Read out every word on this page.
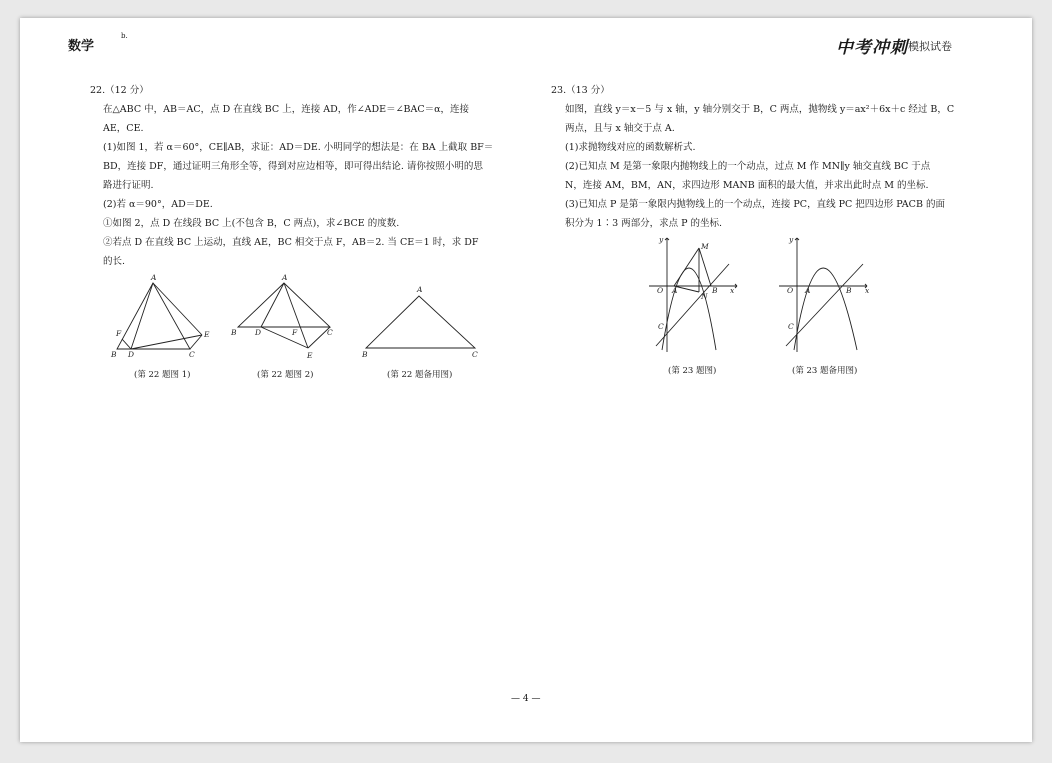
数学
b.
中考冲刺 模拟试卷
22.（12 分）
在△ABC 中，AB＝AC，点 D 在直线 BC 上，连接 AD，作∠ADE＝∠BAC＝α，连接
AE，CE.
(1)如图 1，若 α＝60°，CE∥AB，求证：AD＝DE. 小明同学的想法是：在 BA 上截取 BF＝
BD，连接 DF，通过证明三角形全等，得到对应边相等，即可得出结论. 请你按照小明的思
路进行证明.
(2)若 α＝90°，AD＝DE.
①如图 2，点 D 在线段 BC 上(不包含 B，C 两点)，求∠BCE 的度数.
②若点 D 在直线 BC 上运动，直线 AE，BC 相交于点 F，AB＝2. 当 CE＝1 时，求 DF
的长.
A
F	E
B D	C
A
B D	F	C
E
A
B	C
(第 22 题图 1)	(第 22 题图 2)	(第 22 题备用图)
23.（13 分）
如图，直线 y＝x－5 与 x 轴，y 轴分别交于 B，C 两点，抛物线 y＝ax²＋6x＋c 经过 B，C
两点，且与 x 轴交于点 A.
(1)求抛物线对应的函数解析式.
(2)已知点 M 是第一象限内抛物线上的一个动点，过点 M 作 MN∥y 轴交直线 BC 于点
N，连接 AM，BM，AN，求四边形 MANB 面积的最大值，并求出此时点 M 的坐标.
(3)已知点 P 是第一象限内抛物线上的一个动点，连接 PC，直线 PC 把四边形 PACB 的面
积分为 1∶3 两部分，求点 P 的坐标.
y
M
O A	B x
N
C
y
O A	B x
C
(第 23 题图)	(第 23 题备用图)
— 4 —
